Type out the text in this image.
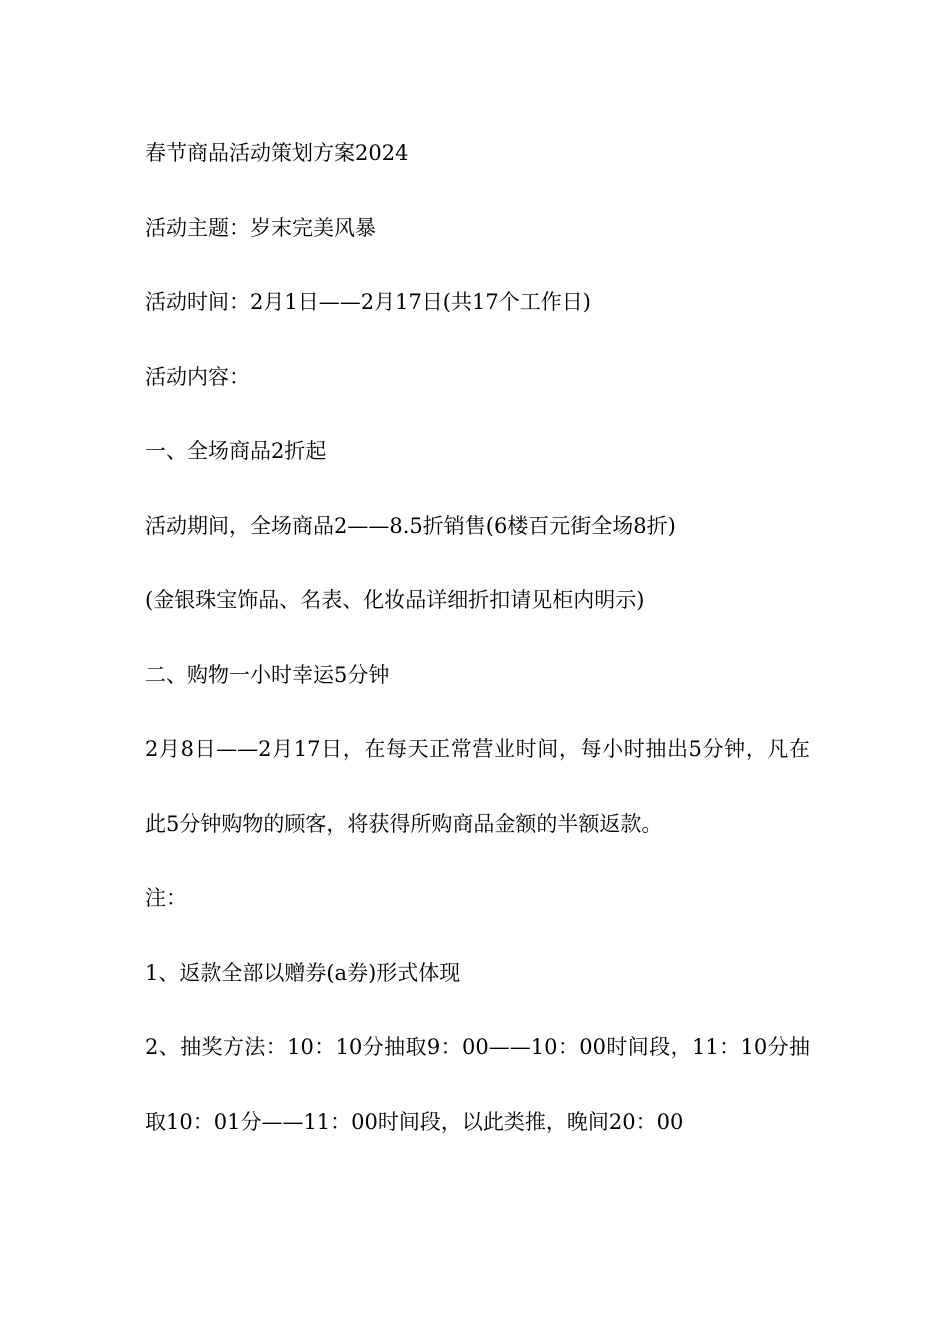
春节商品活动策划方案2024

活动主题：岁末完美风暴

活动时间：2月1日——2月17日(共17个工作日)

活动内容：

一、全场商品2折起

活动期间，全场商品2——8.5折销售(6楼百元街全场8折)

(金银珠宝饰品、名表、化妆品详细折扣请见柜内明示)

二、购物一小时幸运5分钟

2月8日——2月17日，在每天正常营业时间，每小时抽出5分钟，凡在此5分钟购物的顾客，将获得所购商品金额的半额返款。

注：

1、返款全部以赠券(a券)形式体现

2、抽奖方法：10：10分抽取9：00——10：00时间段，11：10分抽取10：01分——11：00时间段，以此类推，晚间20：00
